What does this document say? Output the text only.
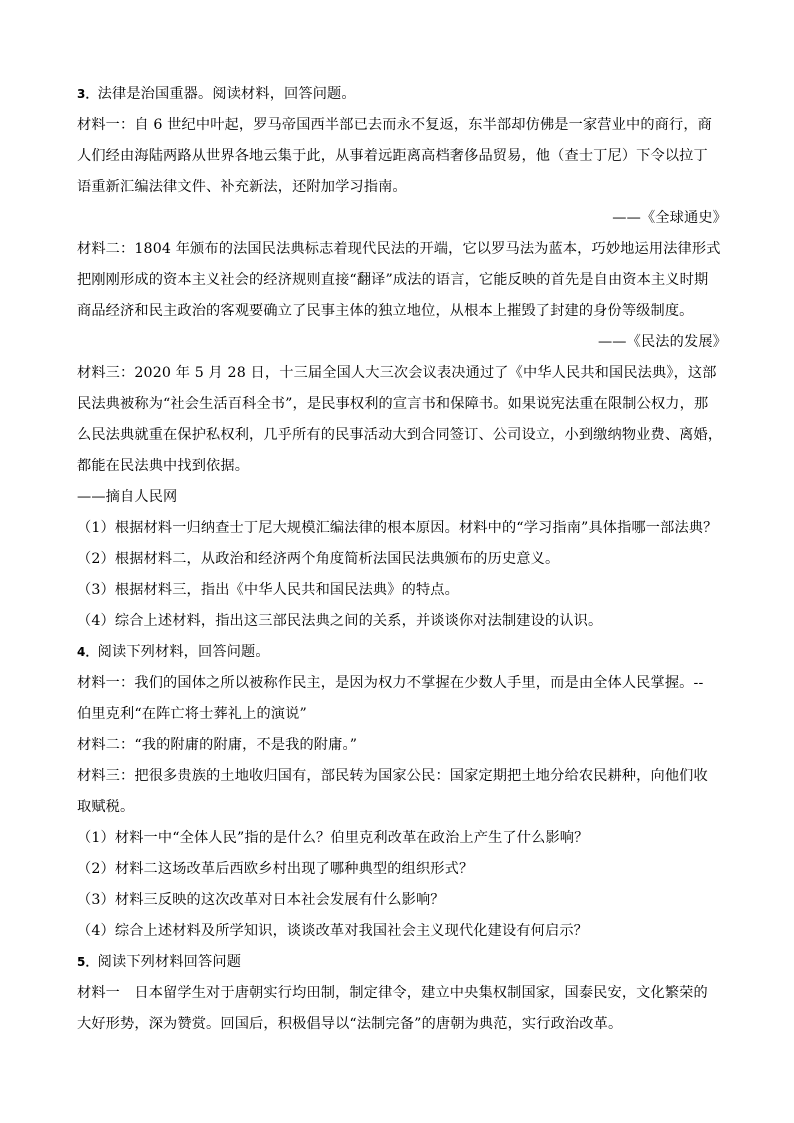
3．法律是治国重器。阅读材料，回答问题。
材料一：自 6 世纪中叶起，罗马帝国西半部已去而永不复返，东半部却仿佛是一家营业中的商行，商
人们经由海陆两路从世界各地云集于此，从事着远距离高档奢侈品贸易，他（查士丁尼）下令以拉丁
语重新汇编法律文件、补充新法，还附加学习指南。
——《全球通史》
材料二：1804 年颁布的法国民法典标志着现代民法的开端，它以罗马法为蓝本，巧妙地运用法律形式
把刚刚形成的资本主义社会的经济规则直接“翻译”成法的语言，它能反映的首先是自由资本主义时期
商品经济和民主政治的客观要确立了民事主体的独立地位，从根本上摧毁了封建的身份等级制度。
——《民法的发展》
材料三：2020 年 5 月 28 日，十三届全国人大三次会议表决通过了《中华人民共和国民法典》，这部
民法典被称为“社会生活百科全书”，是民事权利的宣言书和保障书。如果说宪法重在限制公权力，那
么民法典就重在保护私权利，几乎所有的民事活动大到合同签订、公司设立，小到缴纳物业费、离婚，
都能在民法典中找到依据。
——摘自人民网
（1）根据材料一归纳查士丁尼大规模汇编法律的根本原因。材料中的“学习指南”具体指哪一部法典？
（2）根据材料二，从政治和经济两个角度简析法国民法典颁布的历史意义。
（3）根据材料三，指出《中华人民共和国民法典》的特点。
（4）综合上述材料，指出这三部民法典之间的关系，并谈谈你对法制建设的认识。
4．阅读下列材料，回答问题。
材料一：我们的国体之所以被称作民主，是因为权力不掌握在少数人手里，而是由全体人民掌握。--
伯里克利“在阵亡将士葬礼上的演说”
材料二：“我的附庸的附庸，不是我的附庸。”
材料三：把很多贵族的土地收归国有，部民转为国家公民：国家定期把土地分给农民耕种，向他们收
取赋税。
（1）材料一中“全体人民”指的是什么？伯里克利改革在政治上产生了什么影响？
（2）材料二这场改革后西欧乡村出现了哪种典型的组织形式？
（3）材料三反映的这次改革对日本社会发展有什么影响？
（4）综合上述材料及所学知识，谈谈改革对我国社会主义现代化建设有何启示？
5．阅读下列材料回答问题
材料一　日本留学生对于唐朝实行均田制，制定律令，建立中央集权制国家，国泰民安，文化繁荣的
大好形势，深为赞赏。回国后，积极倡导以“法制完备”的唐朝为典范，实行政治改革。
